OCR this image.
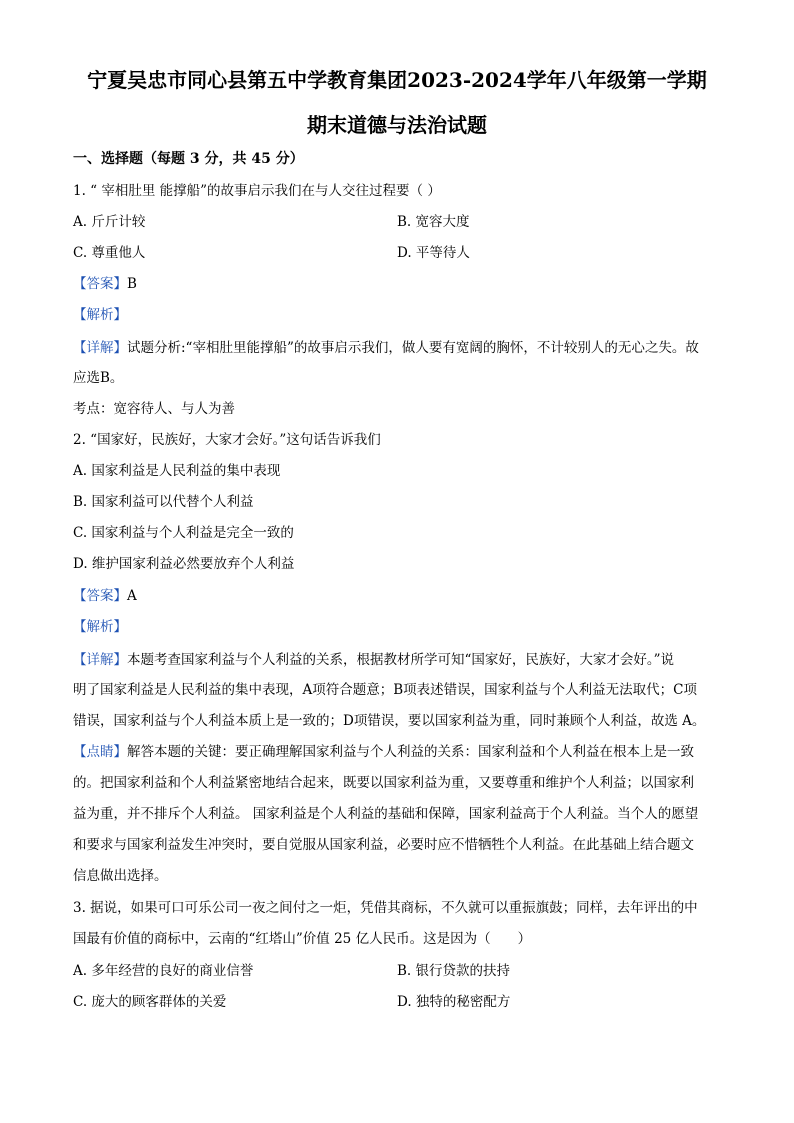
宁夏吴忠市同心县第五中学教育集团2023-2024学年八年级第一学期
期末道德与法治试题
一、选择题（每题 3 分，共 45 分）
1. “ 宰相肚里 能撑船”的故事启示我们在与人交往过程要（ ）
A. 斤斤计较	B. 宽容大度
C. 尊重他人	D. 平等待人
【答案】B
【解析】
【详解】试题分析:“宰相肚里能撑船”的故事启示我们，做人要有宽阔的胸怀，不计较别人的无心之失。故
应选B。
考点：宽容待人、与人为善
2. “国家好，民族好，大家才会好。”这句话告诉我们
A. 国家利益是人民利益的集中表现
B. 国家利益可以代替个人利益
C. 国家利益与个人利益是完全一致的
D. 维护国家利益必然要放弃个人利益
【答案】A
【解析】
【详解】本题考查国家利益与个人利益的关系，根据教材所学可知“国家好，民族好，大家才会好。”说
明了国家利益是人民利益的集中表现，A项符合题意；B项表述错误，国家利益与个人利益无法取代；C项
错误，国家利益与个人利益本质上是一致的；D项错误，要以国家利益为重，同时兼顾个人利益，故选 A。
【点睛】解答本题的关键：要正确理解国家利益与个人利益的关系：国家利益和个人利益在根本上是一致
的。把国家利益和个人利益紧密地结合起来，既要以国家利益为重，又要尊重和维护个人利益；以国家利
益为重，并不排斥个人利益。 国家利益是个人利益的基础和保障，国家利益高于个人利益。当个人的愿望
和要求与国家利益发生冲突时，要自觉服从国家利益，必要时应不惜牺牲个人利益。在此基础上结合题文
信息做出选择。
3. 据说，如果可口可乐公司一夜之间付之一炬，凭借其商标，不久就可以重振旗鼓；同样，去年评出的中
国最有价值的商标中，云南的“红塔山”价值 25 亿人民币。这是因为（　　）
A. 多年经营的良好的商业信誉	B. 银行贷款的扶持
C. 庞大的顾客群体的关爱	D. 独特的秘密配方
